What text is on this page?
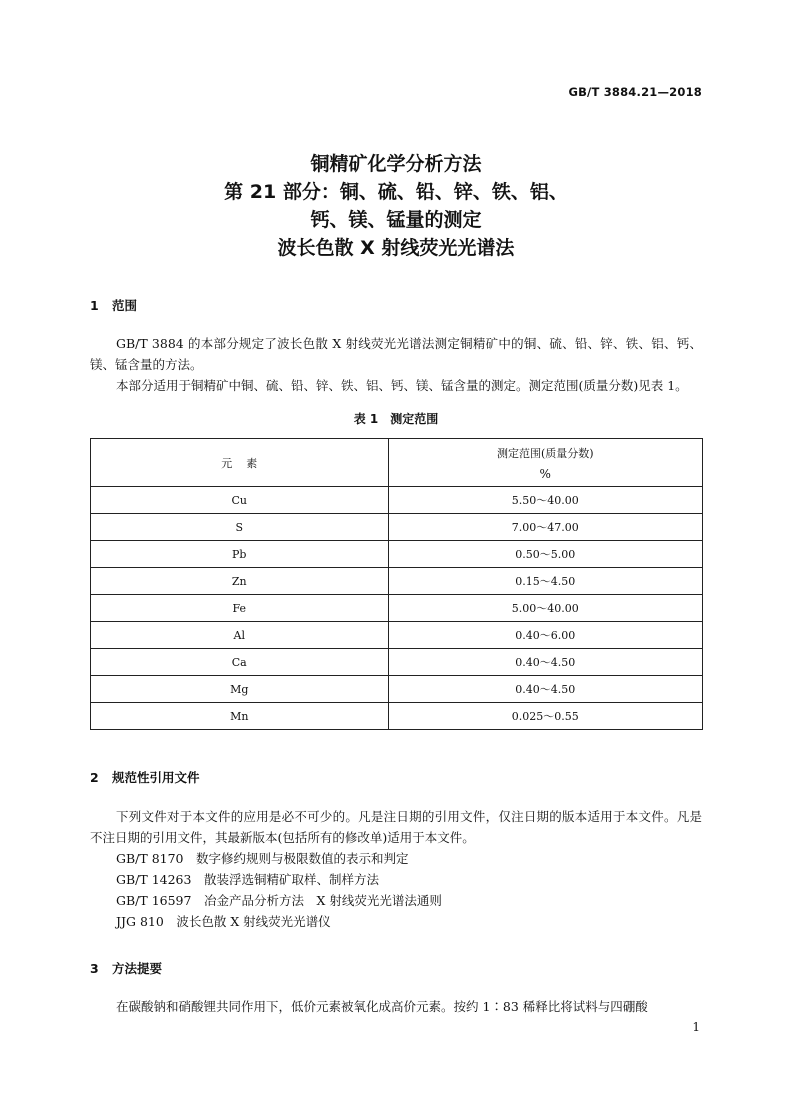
GB/T 3884.21—2018
铜精矿化学分析方法
第 21 部分：铜、硫、铅、锌、铁、铝、
钙、镁、锰量的测定
波长色散 X 射线荧光光谱法
1 范围
GB/T 3884 的本部分规定了波长色散 X 射线荧光光谱法测定铜精矿中的铜、硫、铅、锌、铁、铝、钙、镁、锰含量的方法。
本部分适用于铜精矿中铜、硫、铅、锌、铁、铝、钙、镁、锰含量的测定。测定范围(质量分数)见表 1。
表 1　测定范围
元素	测定范围(质量分数)
%

Cu	5.50～40.00
S	7.00～47.00
Pb	0.50～5.00
Zn	0.15～4.50
Fe	5.00～40.00
Al	0.40～6.00
Ca	0.40～4.50
Mg	0.40～4.50
Mn	0.025～0.55
2 规范性引用文件
下列文件对于本文件的应用是必不可少的。凡是注日期的引用文件，仅注日期的版本适用于本文件。凡是不注日期的引用文件，其最新版本(包括所有的修改单)适用于本文件。
GB/T 8170　数字修约规则与极限数值的表示和判定
GB/T 14263　散装浮选铜精矿取样、制样方法
GB/T 16597　冶金产品分析方法　X 射线荧光光谱法通则
JJG 810　波长色散 X 射线荧光光谱仪
3 方法提要
在碳酸钠和硝酸锂共同作用下，低价元素被氧化成高价元素。按约 1∶83 稀释比将试料与四硼酸
1
